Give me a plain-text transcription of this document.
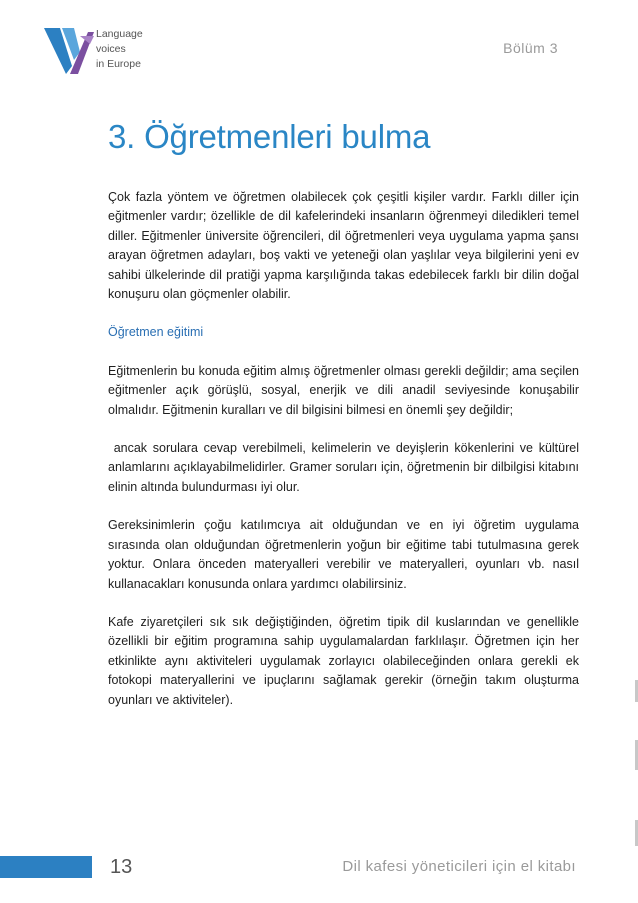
Language
voices
in Europe
Bölüm 3
3. Öğretmenleri bulma

Çok fazla yöntem ve öğretmen olabilecek çok çeşitli kişiler vardır. Farklı diller için eğitmenler vardır; özellikle de dil kafelerindeki insanların öğrenmeyi diledikleri temel diller. Eğitmenler üniversite öğrencileri, dil öğretmenleri veya uygulama yapma şansı arayan öğretmen adayları, boş vakti ve yeteneği olan yaşlılar veya bilgilerini yeni ev sahibi ülkelerinde dil pratiği yapma karşılığında takas edebilecek farklı bir dilin doğal konuşuru olan göçmenler olabilir.

Öğretmen eğitimi

Eğitmenlerin bu konuda eğitim almış öğretmenler olması gerekli değildir; ama seçilen eğitmenler açık görüşlü, sosyal, enerjik ve dili anadil seviyesinde konuşabilir olmalıdır. Eğitmenin kuralları ve dil bilgisini bilmesi en önemli şey değildir;

ancak sorulara cevap verebilmeli, kelimelerin ve deyişlerin kökenlerini ve kültürel anlamlarını açıklayabilmelidirler. Gramer soruları için, öğretmenin bir dilbilgisi kitabını elinin altında bulundurması iyi olur.

Gereksinimlerin çoğu katılımcıya ait olduğundan ve en iyi öğretim uygulama sırasında olan olduğundan öğretmenlerin yoğun bir eğitime tabi tutulmasına gerek yoktur. Onlara önceden materyalleri verebilir ve materyalleri, oyunları vb. nasıl kullanacakları konusunda onlara yardımcı olabilirsiniz.

Kafe ziyaretçileri sık sık değiştiğinden, öğretim tipik dil kuslarından ve genellikle özellikli bir eğitim programına sahip uygulamalardan farklılaşır. Öğretmen için her etkinlikte aynı aktiviteleri uygulamak zorlayıcı olabileceğinden onlara gerekli ek fotokopi materyallerini ve ipuçlarını sağlamak gerekir (örneğin takım oluşturma oyunları ve aktiviteler).

13	Dil kafesi yöneticileri için el kitabı
